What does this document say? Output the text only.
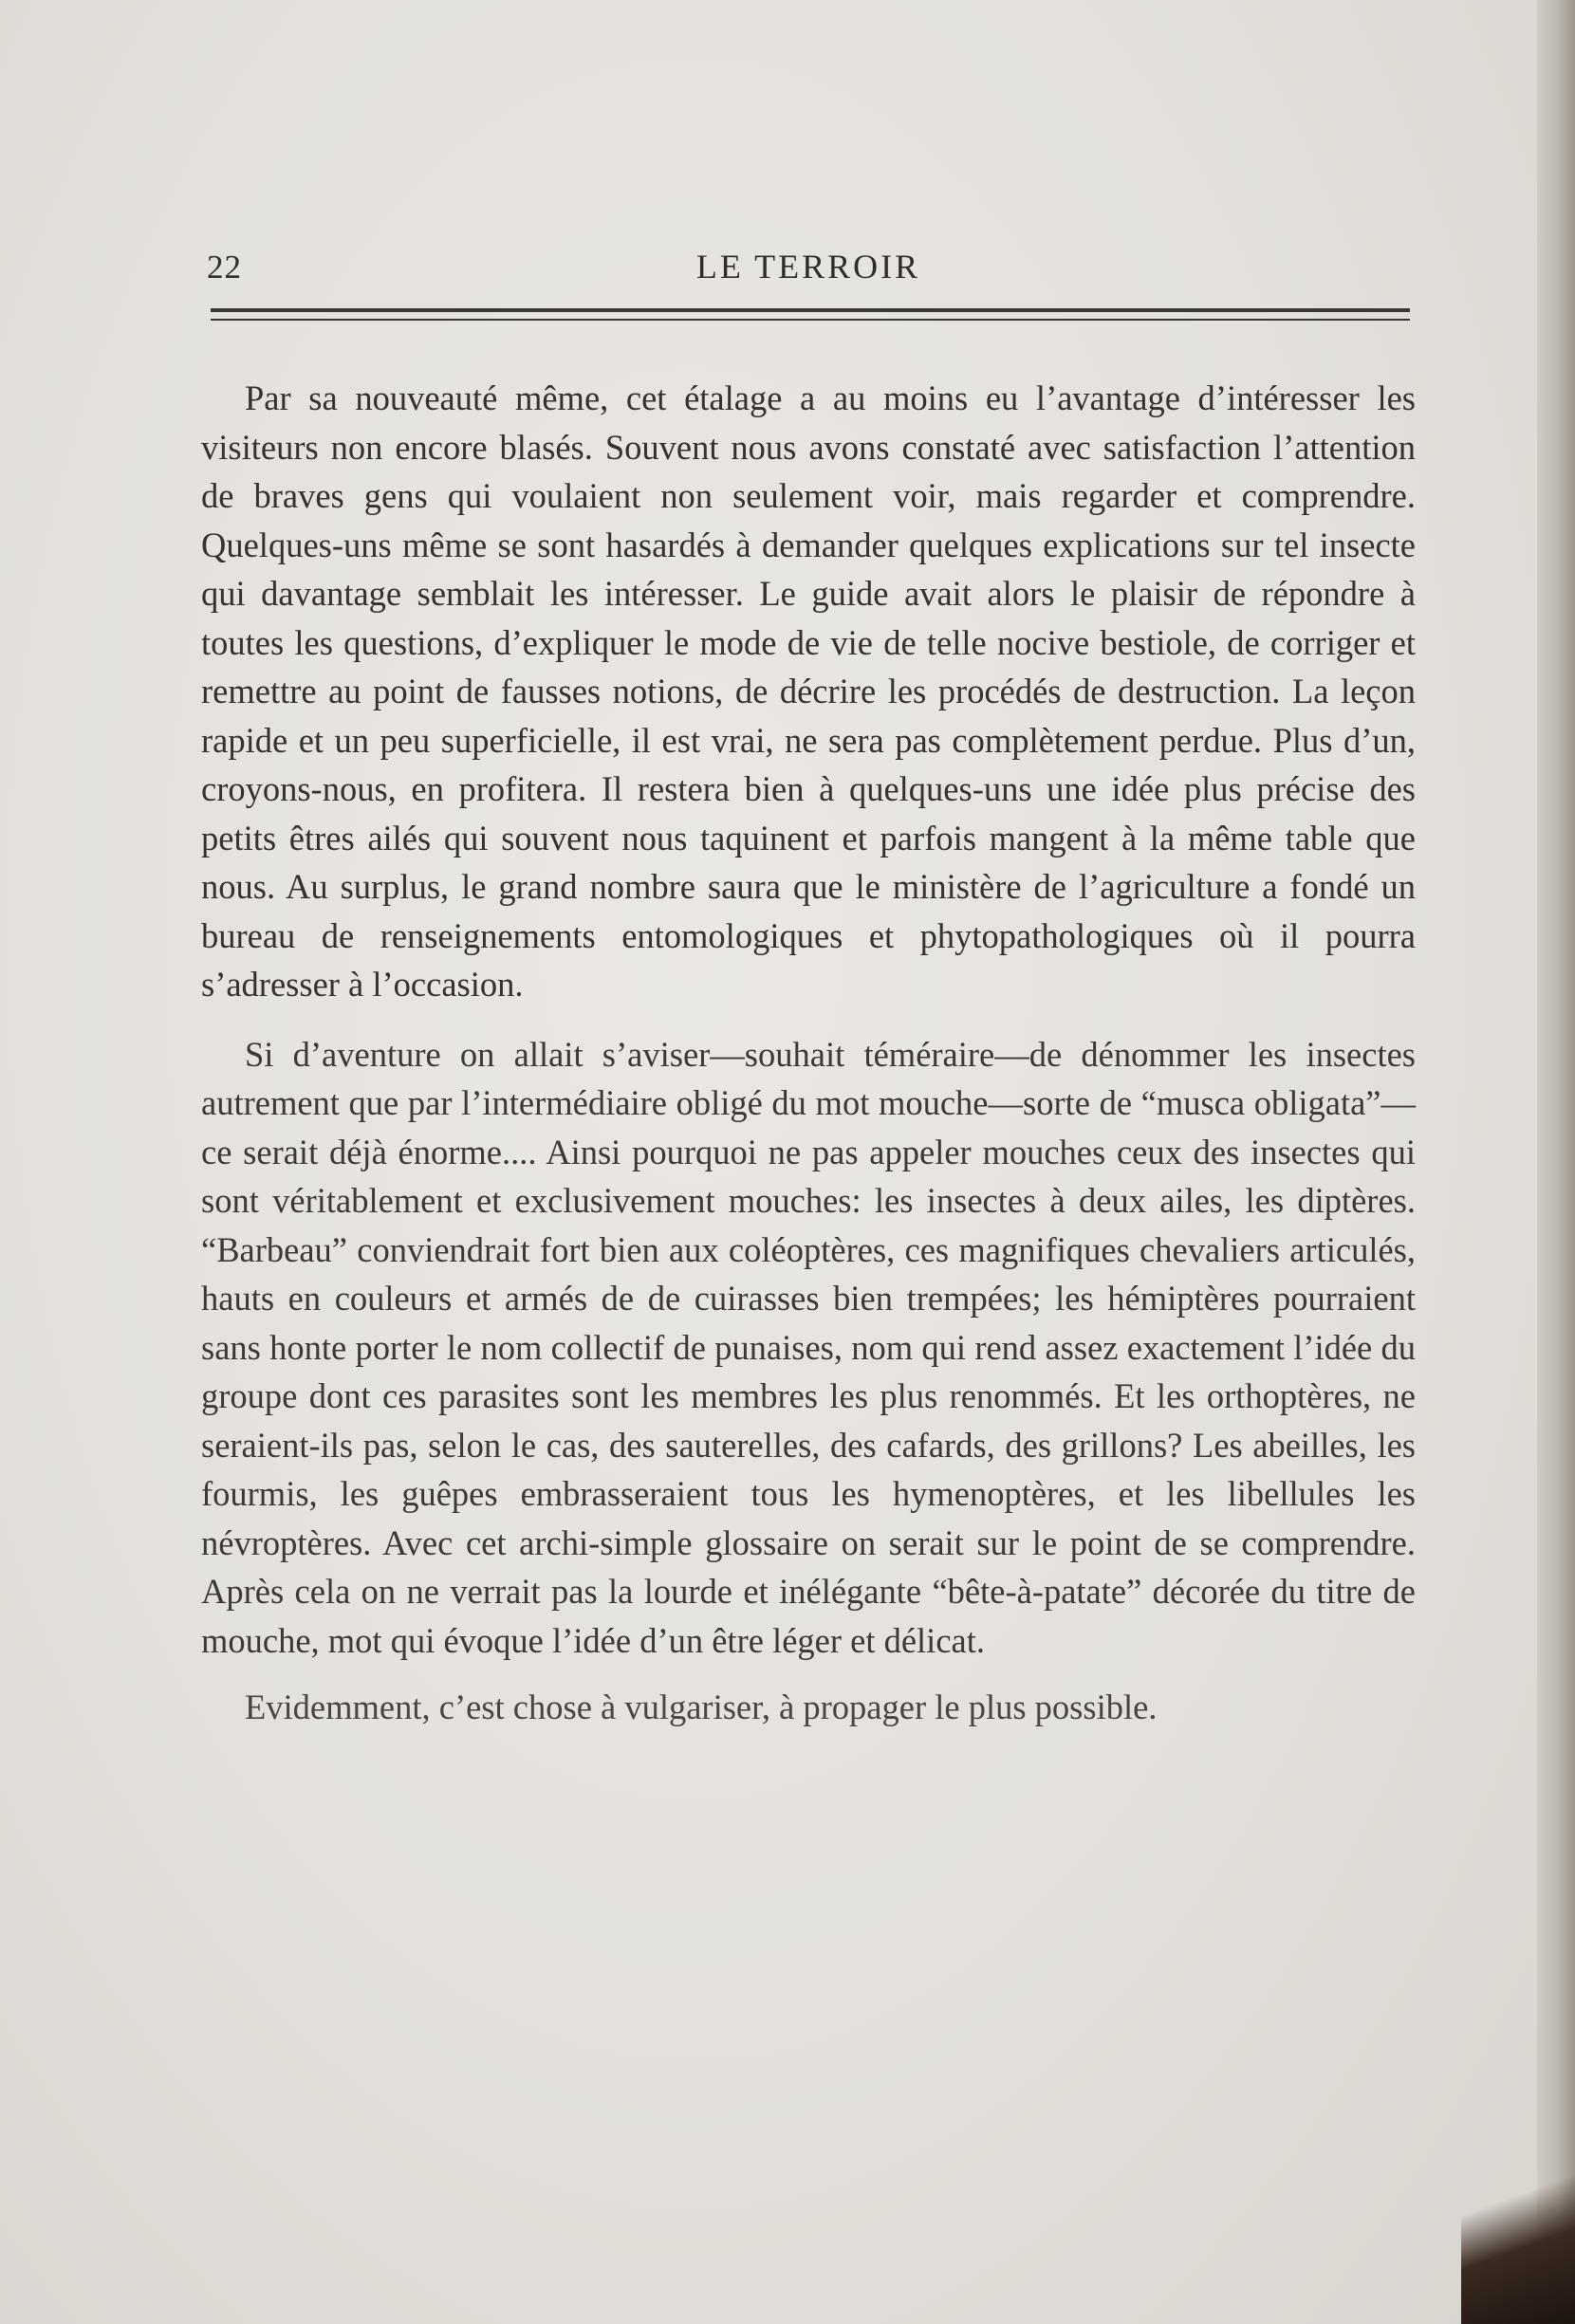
22	LE TERROIR

Par sa nouveauté même, cet étalage a au moins eu l’avantage d’intéresser les visiteurs non encore blasés. Souvent nous avons constaté avec satisfaction l’attention de braves gens qui voulaient non seulement voir, mais regarder et comprendre. Quelques-uns même se sont hasardés à demander quelques explications sur tel insecte qui davantage semblait les intéresser. Le guide avait alors le plaisir de répondre à toutes les questions, d’expliquer le mode de vie de telle nocive bestiole, de corriger et remettre au point de fausses notions, de décrire les procédés de destruction. La leçon rapide et un peu superficielle, il est vrai, ne sera pas complètement perdue. Plus d’un, croyons-nous, en profitera. Il restera bien à quelques-uns une idée plus précise des petits êtres ailés qui souvent nous taquinent et parfois mangent à la même table que nous. Au surplus, le grand nombre saura que le ministère de l’agriculture a fondé un bureau de renseignements entomologiques et phytopathologiques où il pourra s’adresser à l’occasion.

Si d’aventure on allait s’aviser—souhait téméraire—de dénommer les insectes autrement que par l’intermédiaire obligé du mot mouche—sorte de “musca obligata”—ce serait déjà énorme.... Ainsi pourquoi ne pas appeler mouches ceux des insectes qui sont véritablement et exclusivement mouches: les insectes à deux ailes, les diptères. “Barbeau” conviendrait fort bien aux coléoptères, ces magnifiques chevaliers articulés, hauts en couleurs et armés de de cuirasses bien trempées; les hémiptères pourraient sans honte porter le nom collectif de punaises, nom qui rend assez exactement l’idée du groupe dont ces parasites sont les membres les plus renommés. Et les orthoptères, ne seraient-ils pas, selon le cas, des sauterelles, des cafards, des grillons? Les abeilles, les fourmis, les guêpes embrasseraient tous les hymenoptères, et les libellules les névroptères. Avec cet archi-simple glossaire on serait sur le point de se comprendre. Après cela on ne verrait pas la lourde et inélégante “bête-à-patate” décorée du titre de mouche, mot qui évoque l’idée d’un être léger et délicat.

Evidemment, c’est chose à vulgariser, à propager le plus possible.
